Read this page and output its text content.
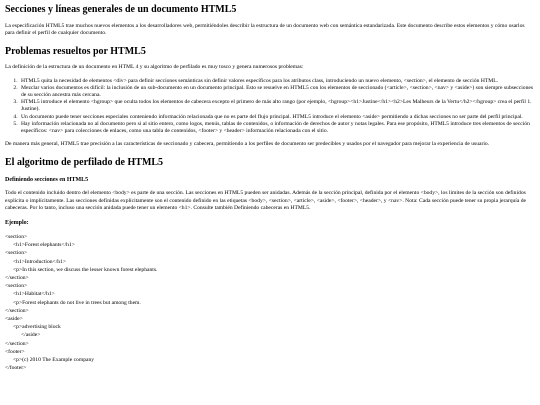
Secciones y líneas generales de un documento HTML5

La especificación HTML5 trae muchos nuevos elementos a los desarrolladores web, permitiéndoles describir la estructura de un documento web con semántica estandarizada. Este documento describe estos elementos y cómo usarlos para definir el perfil de cualquier documento.

Problemas resueltos por HTML5

La definición de la estructura de un documento en HTML 4 y su algoritmo de perfilado es muy tosco y genera numerosos problemas:

1. HTML5 quita la necesidad de elementos <div> para definir secciones semánticas sin definir valores específicos para los atributos class, introduciendo un nuevo elemento, <section>, el elemento de sección HTML.
2. Mezclar varios documentos es difícil: la inclusión de un sub-documento en un documento principal. Esto se resuelve en HTML5 con los elementos de seccionado (<article>, <section>, <nav> y <aside>) son siempre subsecciones de su sección ancestra más cercana.
3. HTML5 introduce el elemento <hgroup> que oculta todos los elementos de cabecera excepto el primero de más alto rango (por ejemplo, <hgroup><h1>Justine</h1><h2>Les Malheurs de la Vertu</h2></hgroup> crea el perfil 1. Justine).
4. Un documento puede tener secciones especiales conteniendo información relacionada que no es parte del flujo principal. HTML5 introduce el elemento <aside> permitiendo a dichas secciones no ser parte del perfil principal.
5. Hay información relacionada no al documento pero si al sitio entero, como logos, menús, tablas de contenidos, o información de derechos de autor y notas legales. Para ese propósito, HTML5 introduce tres elementos de sección específicos: <nav> para colecciones de enlaces, como una tabla de contenidos, <footer> y <header> información relacionada con el sitio.

De manera más general, HTML5 trae precisión a las características de seccionado y cabecera, permitiendo a los perfiles de documento ser predecibles y usados por el navegador para mejorar la experiencia de usuario.

El algoritmo de perfilado de HTML5
Definiendo secciones en HTML5

Todo el contenido incluido dentro del elemento <body> es parte de una sección. Las secciones en HTML5 pueden ser anidadas. Además de la sección principal, definida por el elemento <body>, los límites de la sección son definidos explícita o implícitamente. Las secciones definidas explícitamente son el contenido definido en las etiquetas <body>, <section>, <article>, <aside>, <footer>, <header>, y <nav>. Nota: Cada sección puede tener su propia jerarquía de cabeceras. Por lo tanto, incluso una sección anidada puede tener un elemento <h1>. Consulte también Definiendo cabeceras en HTML5.

Ejemplo:
<section>
<h1>Forest elephants</h1>
<section>
<h1>Introduction</h1>
<p>In this section, we discuss the lesser known forest elephants.
</section>
<section>
<h1>Habitat</h1>
<p>Forest elephants do not live in trees but among them.
</section>
<aside>
<p>advertising block
</aside>
</section>
<footer>
<p>(c) 2010 The Example company
</footer>
